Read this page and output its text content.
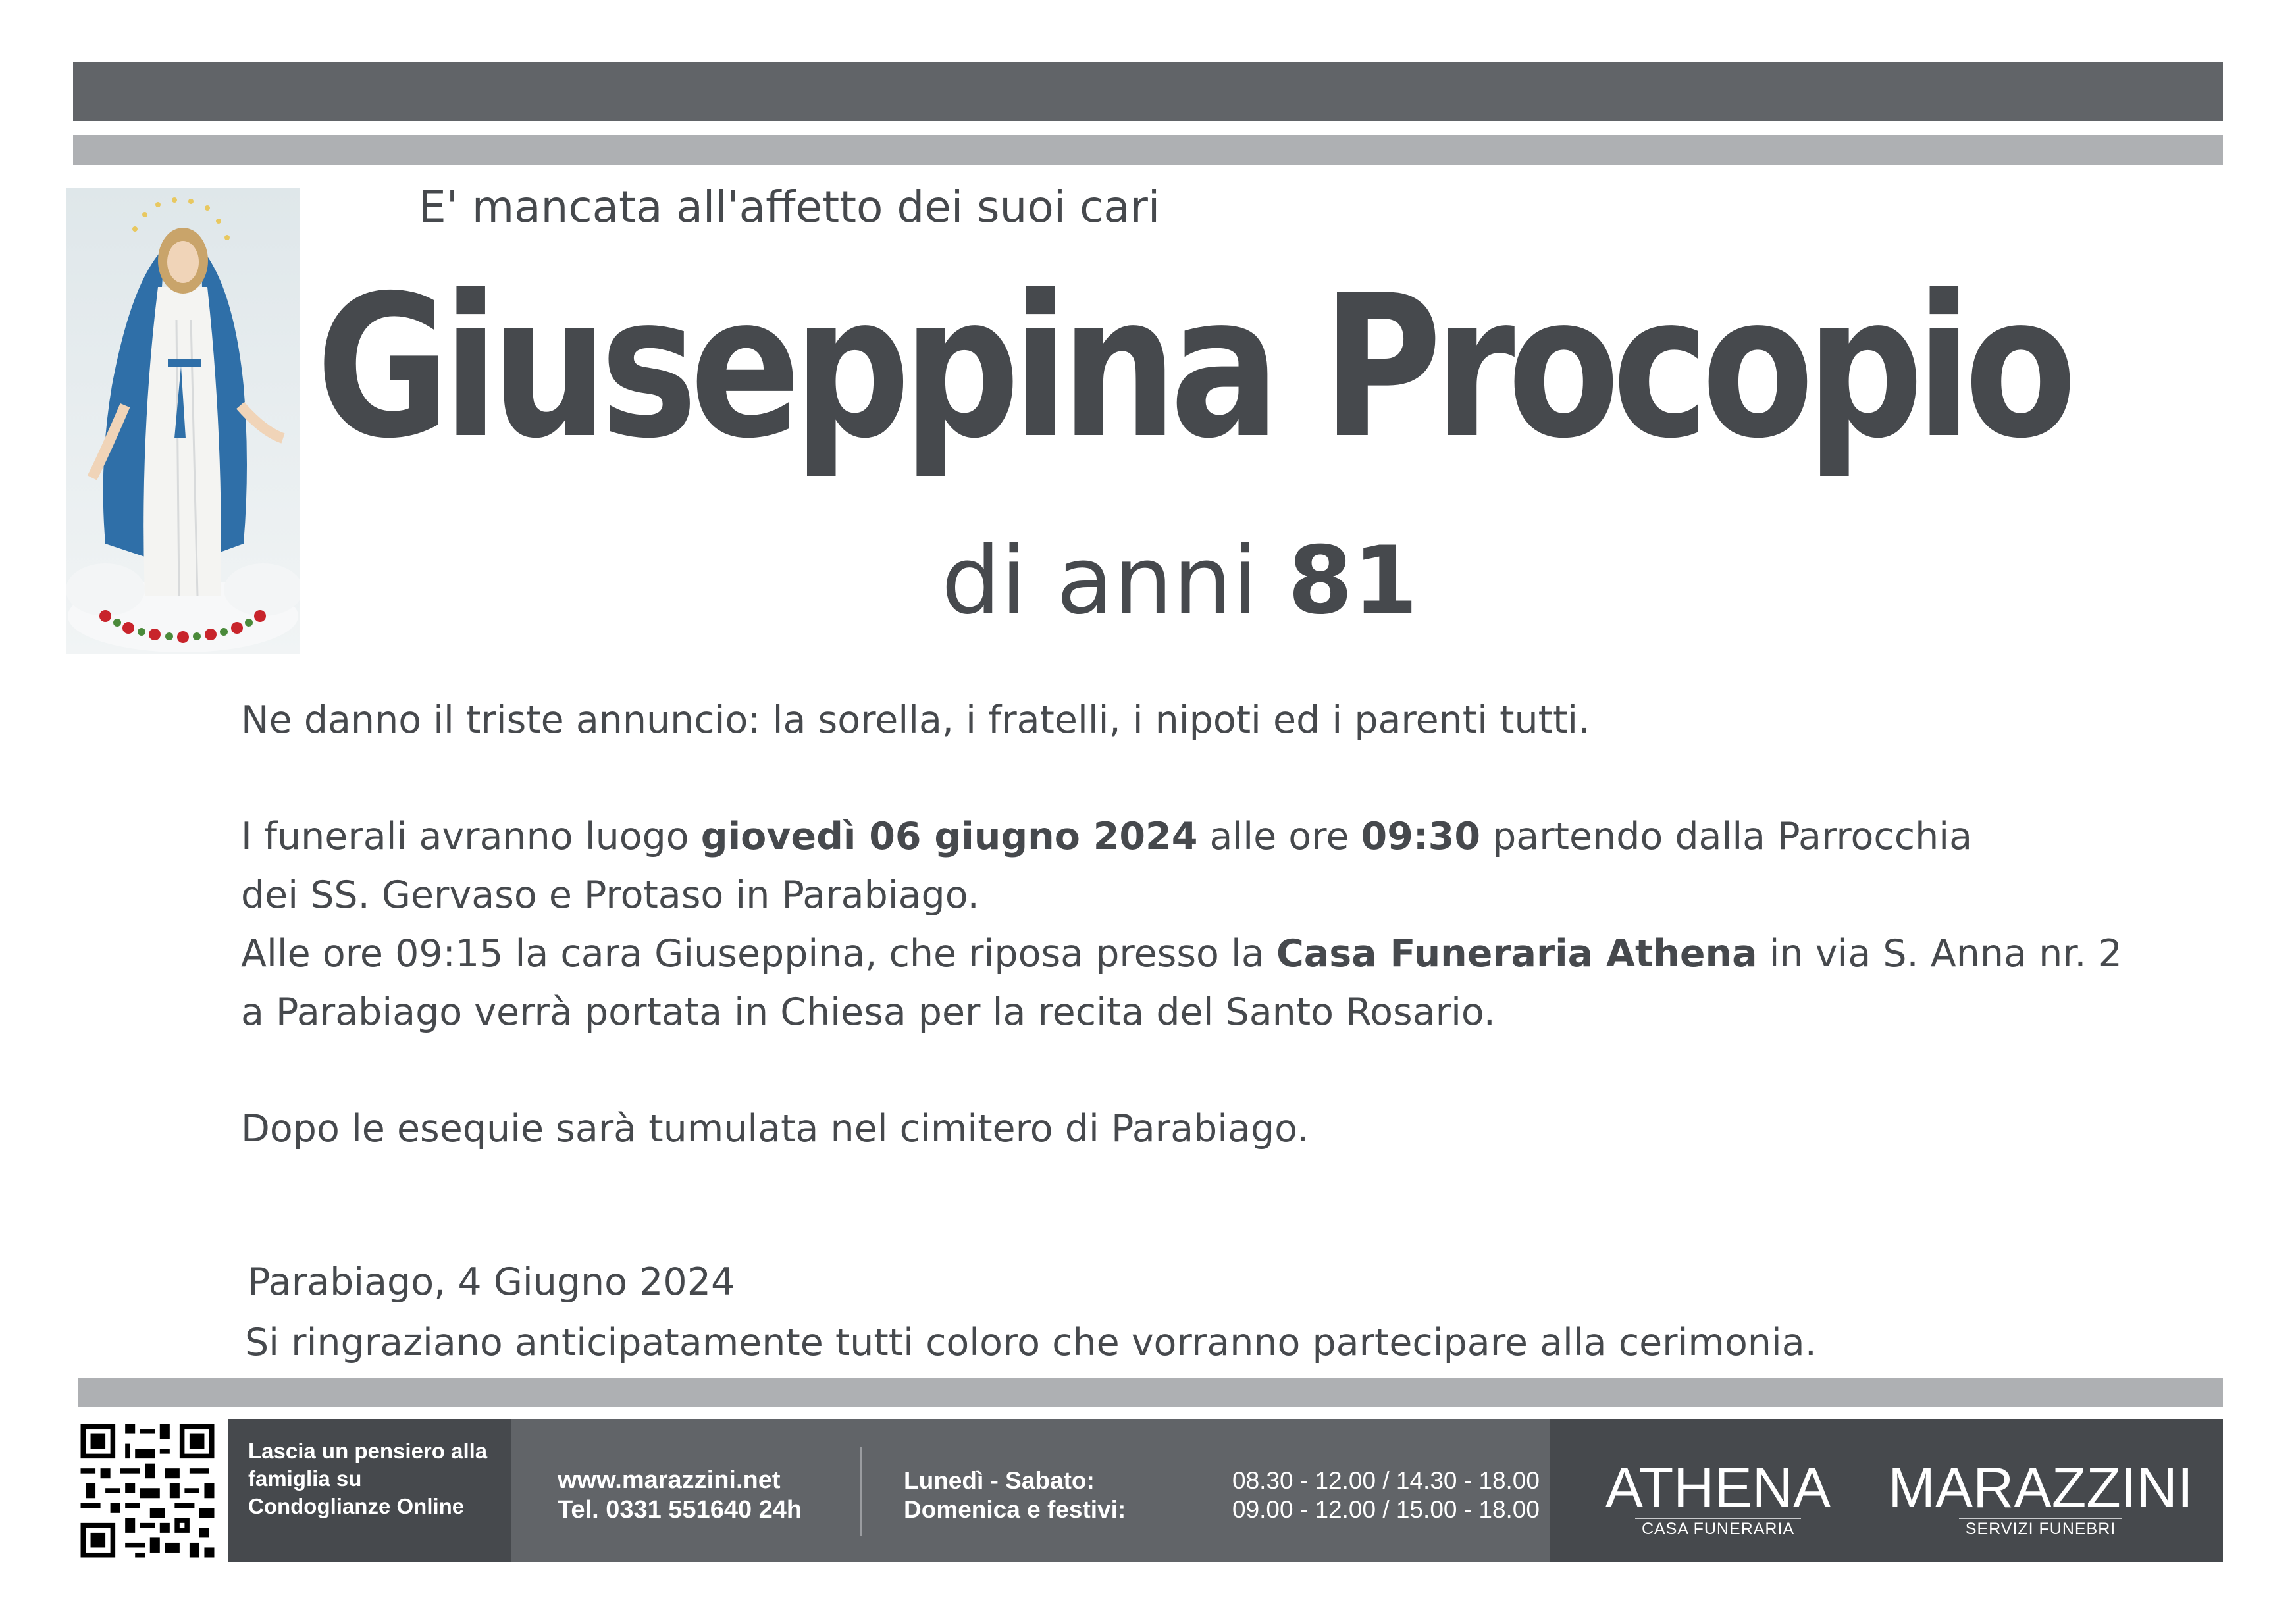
E' mancata all'affetto dei suoi cari
Giuseppina Procopio
di anni 81
Ne danno il triste annuncio: la sorella, i fratelli, i nipoti ed i parenti tutti.
I funerali avranno luogo giovedì 06 giugno 2024 alle ore 09:30 partendo dalla Parrocchia
dei SS. Gervaso e Protaso in Parabiago.
Alle ore 09:15 la cara Giuseppina, che riposa presso la Casa Funeraria Athena in via S. Anna nr. 2
a Parabiago verrà portata in Chiesa per la recita del Santo Rosario.
Dopo le esequie sarà tumulata nel cimitero di Parabiago.
Parabiago, 4 Giugno 2024
Si ringraziano anticipatamente tutti coloro che vorranno partecipare alla cerimonia.
Lascia un pensiero alla famiglia su Condoglianze Online
www.marazzini.net
Tel. 0331 551640 24h
Lunedì - Sabato:
Domenica e festivi:
08.30 - 12.00 / 14.30 - 18.00
09.00 - 12.00 / 15.00 - 18.00	ATHENA
CASA FUNERARIA
MARAZZINI
SERVIZI FUNEBRI
